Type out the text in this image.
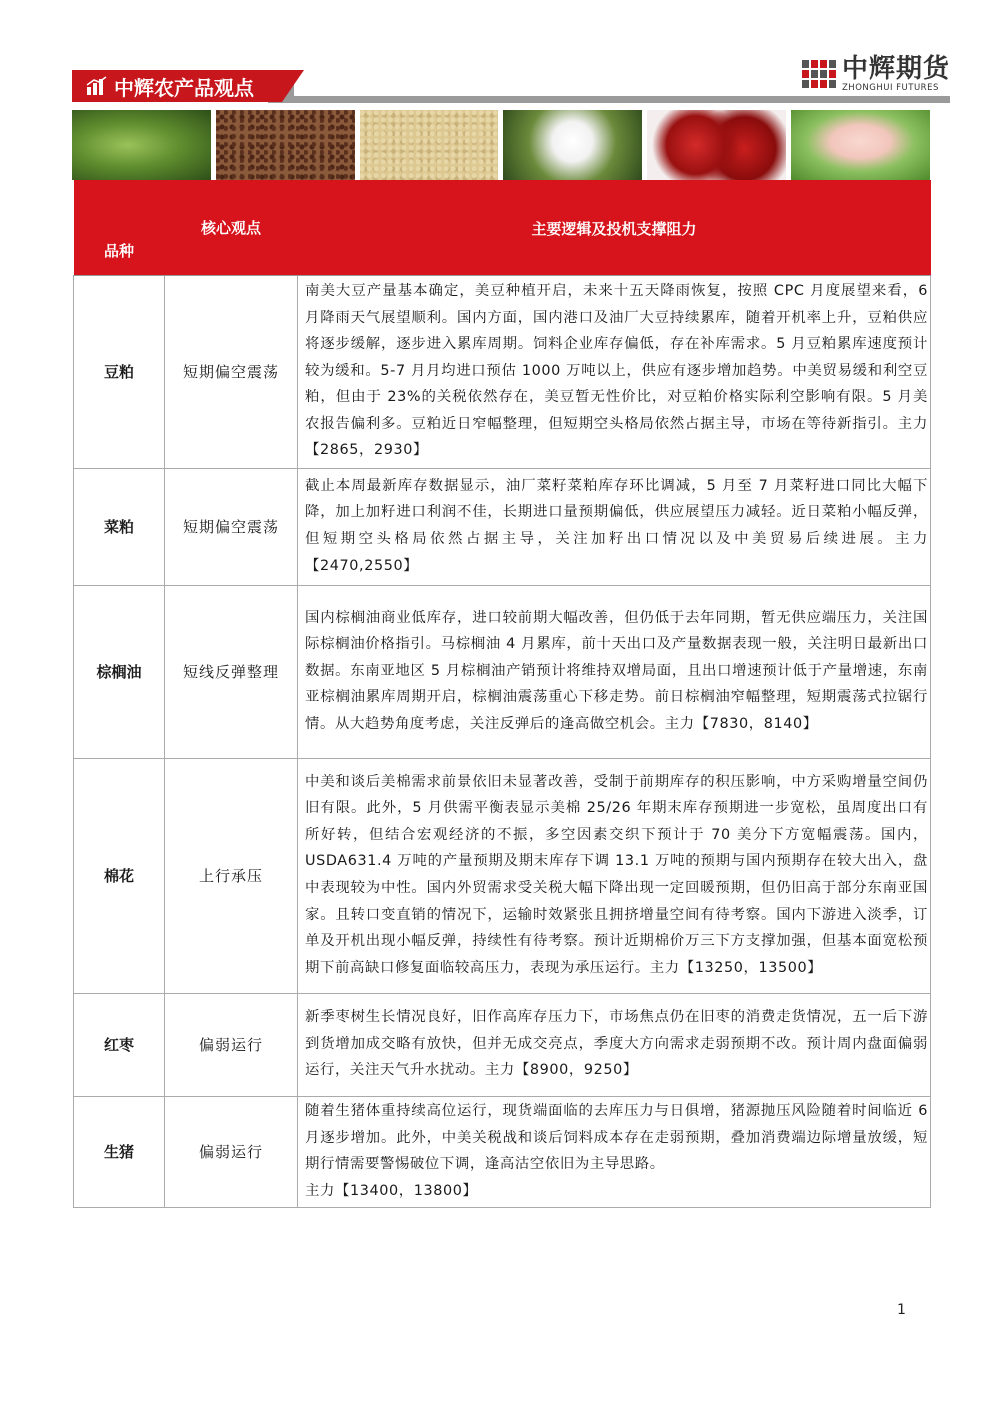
中辉农产品观点
中辉期货
ZHONGHUI FUTURES
品种	核心观点	主要逻辑及投机支撑阻力
豆粕	短期偏空震荡	南美大豆产量基本确定，美豆种植开启，未来十五天降雨恢复，按照 CPC 月度展望来看，6 月降雨天气展望顺利。国内方面，国内港口及油厂大豆持续累库，随着开机率上升，豆粕供应将逐步缓解，逐步进入累库周期。饲料企业库存偏低，存在补库需求。5 月豆粕累库速度预计较为缓和。5-7 月月均进口预估 1000 万吨以上，供应有逐步增加趋势。中美贸易缓和利空豆粕，但由于 23%的关税依然存在，美豆暂无性价比，对豆粕价格实际利空影响有限。5 月美农报告偏利多。豆粕近日窄幅整理，但短期空头格局依然占据主导，市场在等待新指引。主力【2865，2930】
菜粕	短期偏空震荡	截止本周最新库存数据显示，油厂菜籽菜粕库存环比调减，5 月至 7 月菜籽进口同比大幅下降，加上加籽进口利润不佳，长期进口量预期偏低，供应展望压力减轻。近日菜粕小幅反弹，但短期空头格局依然占据主导，关注加籽出口情况以及中美贸易后续进展。主力【2470,2550】
棕榈油	短线反弹整理	国内棕榈油商业低库存，进口较前期大幅改善，但仍低于去年同期，暂无供应端压力，关注国际棕榈油价格指引。马棕榈油 4 月累库，前十天出口及产量数据表现一般，关注明日最新出口数据。东南亚地区 5 月棕榈油产销预计将维持双增局面，且出口增速预计低于产量增速，东南亚棕榈油累库周期开启，棕榈油震荡重心下移走势。前日棕榈油窄幅整理，短期震荡式拉锯行情。从大趋势角度考虑，关注反弹后的逢高做空机会。主力【7830，8140】
棉花	上行承压	中美和谈后美棉需求前景依旧未显著改善，受制于前期库存的积压影响，中方采购增量空间仍旧有限。此外，5 月供需平衡表显示美棉 25/26 年期末库存预期进一步宽松，虽周度出口有所好转，但结合宏观经济的不振，多空因素交织下预计于 70 美分下方宽幅震荡。国内，USDA631.4 万吨的产量预期及期末库存下调 13.1 万吨的预期与国内预期存在较大出入，盘中表现较为中性。国内外贸需求受关税大幅下降出现一定回暖预期，但仍旧高于部分东南亚国家。且转口变直销的情况下，运输时效紧张且拥挤增量空间有待考察。国内下游进入淡季，订单及开机出现小幅反弹，持续性有待考察。预计近期棉价万三下方支撑加强，但基本面宽松预期下前高缺口修复面临较高压力，表现为承压运行。主力【13250，13500】
红枣	偏弱运行	新季枣树生长情况良好，旧作高库存压力下，市场焦点仍在旧枣的消费走货情况，五一后下游到货增加成交略有放快，但并无成交亮点，季度大方向需求走弱预期不改。预计周内盘面偏弱运行，关注天气升水扰动。主力【8900，9250】
生猪	偏弱运行	随着生猪体重持续高位运行，现货端面临的去库压力与日俱增，猪源抛压风险随着时间临近 6 月逐步增加。此外，中美关税战和谈后饲料成本存在走弱预期，叠加消费端边际增量放缓，短期行情需要警惕破位下调，逢高沽空依旧为主导思路。
主力【13400，13800】
1
